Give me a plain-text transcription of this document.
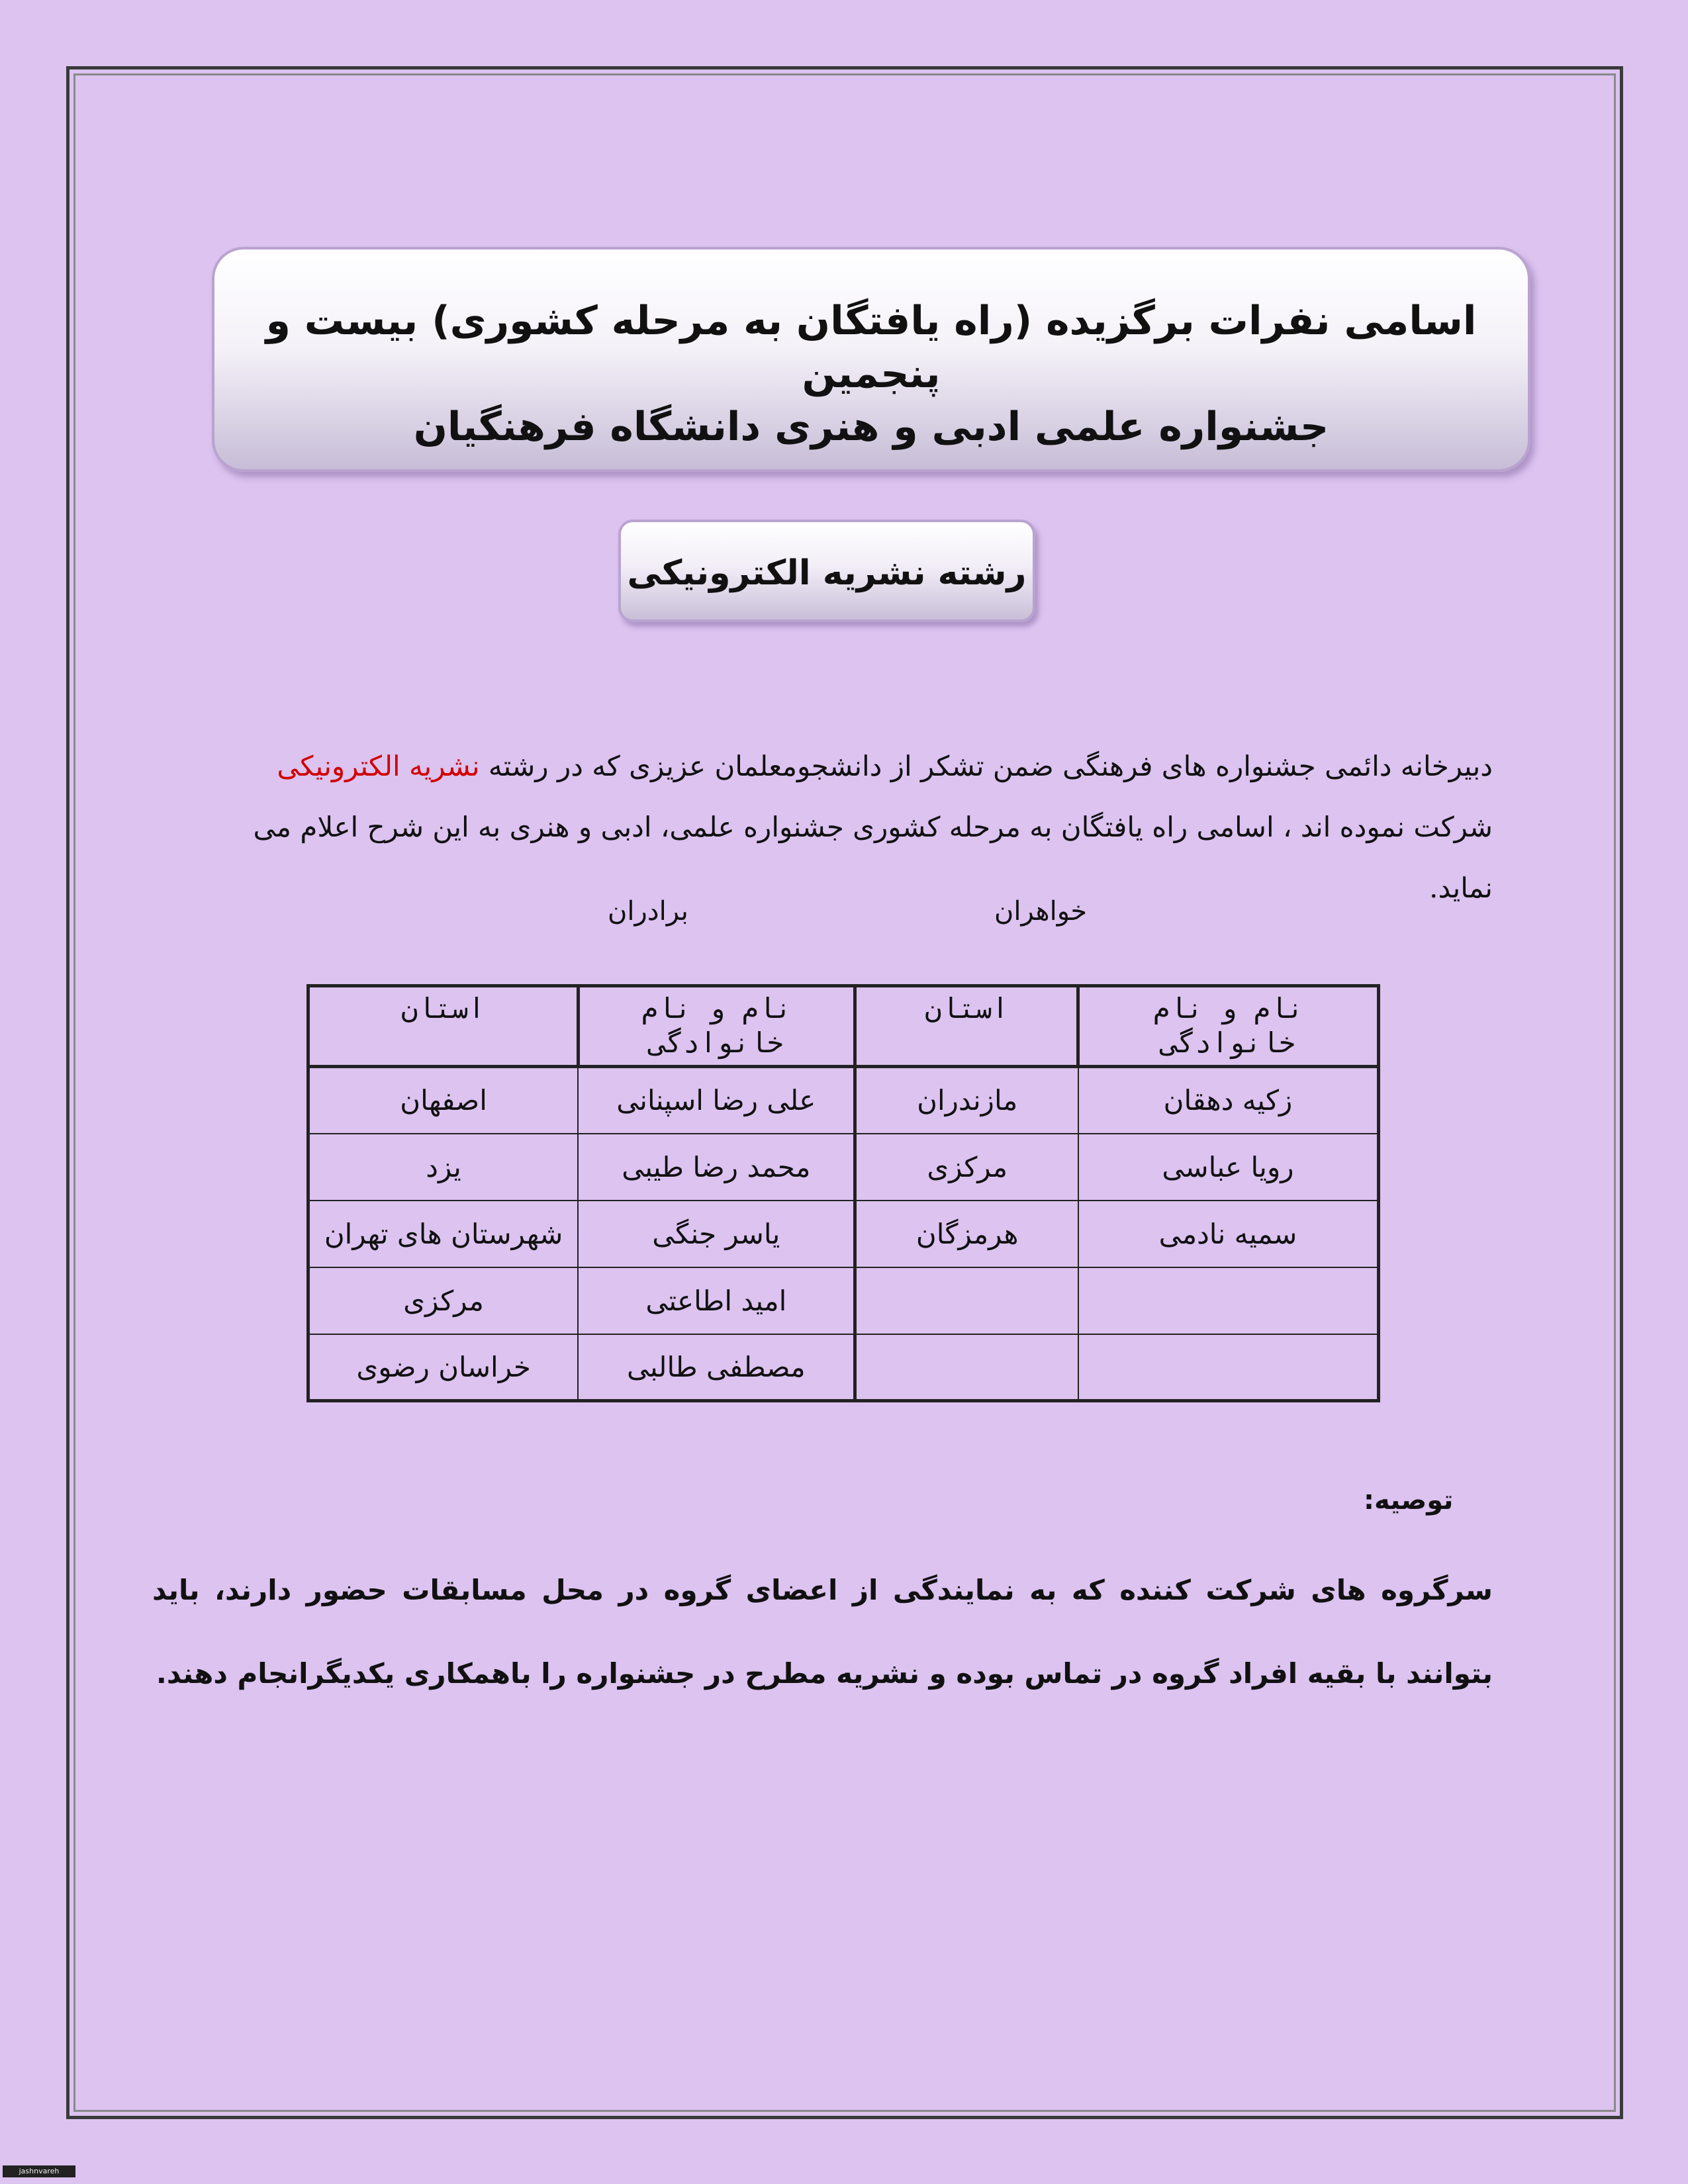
اسامی نفرات برگزیده (راه یافتگان به مرحله کشوری) بیست و پنجمین
جشنواره علمی ادبی و هنری دانشگاه فرهنگیان
رشته نشریه الکترونیکی
دبیرخانه دائمی جشنواره های فرهنگی ضمن تشکر از دانشجومعلمان عزیزی که در رشته نشریه الکترونیکی شرکت نموده اند ، اسامی راه یافتگان به مرحله کشوری جشنواره علمی، ادبی و هنری به این شرح اعلام می نماید.
خواهران
برادران
نام و نام خانوادگی	استان	نام و نام خانوادگی	استان
زکیه دهقان	مازندران	علی رضا اسپنانی	اصفهان
رویا عباسی	مرکزی	محمد رضا طیبی	یزد
سمیه نادمی	هرمزگان	یاسر جنگی	شهرستان های تهران
		امید اطاعتی	مرکزی
		مصطفی طالبی	خراسان رضوی
توصیه:
سرگروه های شرکت کننده که به نمایندگی از اعضای گروه در محل مسابقات حضور دارند، باید بتوانند با بقیه افراد گروه در تماس بوده و نشریه مطرح در جشنواره را باهمکاری یکدیگرانجام دهند.
jashnvareh
